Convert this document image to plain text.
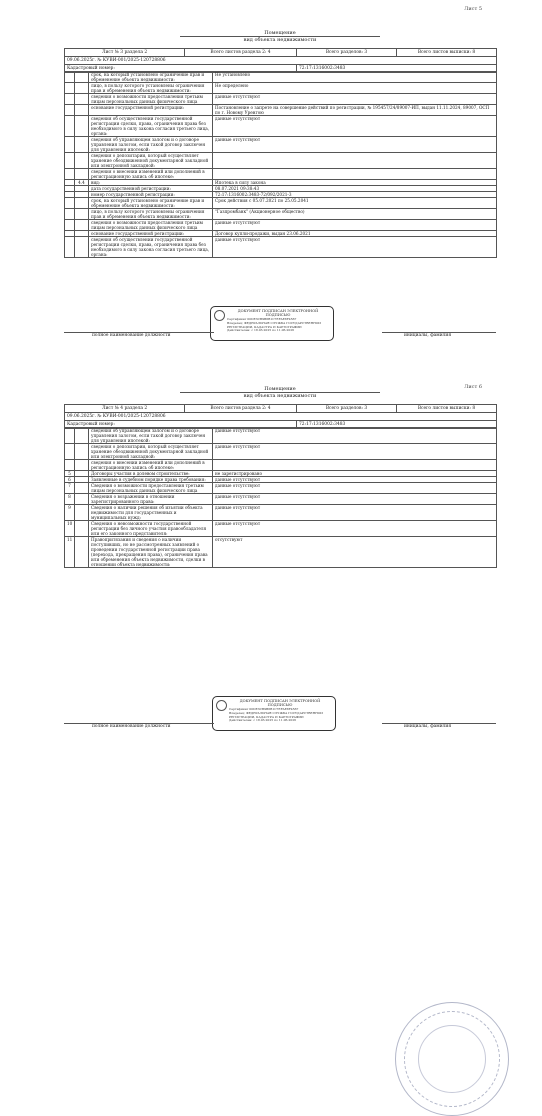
Лист 5
Помещение
вид объекта недвижимости
Лист № 3 раздела 2	Всего листов раздела 2: 4	Всего разделов: 3	Всего листов выписки: 8
09.06.2025г. № КУВИ-001/2025-120728806			
Кадастровый номер:		72:17:1316002:3483	
		срок, на который установлено ограничение прав и обременение объекта недвижимости:	Не установлено
		лицо, в пользу которого установлены ограничения прав и обременения объекта недвижимости:	Не определено
		сведения о возможности предоставления третьим лицам персональных данных физического лица	данные отсутствуют
		основание государственной регистрации:	Постановление о запрете на совершение действий по регистрации, № 195457/24/89007-ИП, выдан 11.11.2024, 89007, ОСП по г. Новому Уренгою
		сведения об осуществлении государственной регистрации сделки, права, ограничения права без необходимого в силу закона согласия третьего лица, органа:	данные отсутствуют
		сведения об управляющем залогом и о договоре управления залогом, если такой договор заключен для управления ипотекой:	данные отсутствуют
		сведения о депозитарии, который осуществляет хранение обездвиженной документарной закладной или электронной закладной:	
		сведения о внесении изменений или дополнений в регистрационную запись об ипотеке:	
	4.4	вид:	Ипотека в силу закона
		дата государственной регистрации:	08.07.2021 09:38:43
		номер государственной регистрации:	72:17:1316002:3483-72/092/2021-3
		срок, на который установлено ограничение прав и обременение объекта недвижимости:	Срок действия с 05.07.2021 по 25.05.2041
		лицо, в пользу которого установлены ограничения прав и обременения объекта недвижимости:	"Газпромбанк" (Акционерное общество)
		сведения о возможности предоставления третьим лицам персональных данных физического лица	данные отсутствуют
		основание государственной регистрации:	Договор купли-продажи, выдан 23.06.2021
		сведения об осуществлении государственной регистрации сделки, права, ограничения права без необходимого в силу закона согласия третьего лица, органа:	данные отсутствуют
ДОКУМЕНТ ПОДПИСАН ЭЛЕКТРОННОЙ ПОДПИСЬЮ
Сертификат 00DE3CB9B6B1C7EFAE8F4567
Владелец: ФЕДЕРАЛЬНАЯ СЛУЖБА ГОСУДАРСТВЕННОЙ
РЕГИСТРАЦИИ, КАДАСТРА И КАРТОГРАФИИ
Действителен: с 18.03.2025 по 11.06.2026
полное наименование должности	инициалы, фамилия
Лист 6
Помещение
вид объекта недвижимости
Лист № 4 раздела 2	Всего листов раздела 2: 4	Всего разделов: 3	Всего листов выписки: 8
09.06.2025г. № КУВИ-001/2025-120728806			
Кадастровый номер:		72:17:1316002:3483	
		сведения об управляющем залогом и о договоре управления залогом, если такой договор заключен для управления ипотекой:	данные отсутствуют
		сведения о депозитарии, который осуществляет хранение обездвиженной документарной закладной или электронной закладной:	данные отсутствуют
		сведения о внесении изменений или дополнений в регистрационную запись об ипотеке:	
5		Договоры участия в долевом строительстве:	не зарегистрировано
6		Заявленные в судебном порядке права требования:	данные отсутствуют
7		Сведения о возможности предоставления третьим лицам персональных данных физического лица	данные отсутствуют
8		Сведения о возражении в отношении зарегистрированного права:	данные отсутствуют
9		Сведения о наличии решения об изъятии объекта недвижимости для государственных и муниципальных нужд:	данные отсутствуют
10		Сведения о невозможности государственной регистрации без личного участия правообладателя или его законного представителя:	данные отсутствуют
11		Правопритязания и сведения о наличии поступивших, но не рассмотренных заявлений о проведении государственной регистрации права (перехода, прекращения права), ограничения права или обременения объекта недвижимости, сделки в отношении объекта недвижимости:	отсутствуют
ДОКУМЕНТ ПОДПИСАН ЭЛЕКТРОННОЙ ПОДПИСЬЮ
Сертификат 00DE3CB9B6B1C7EFAE8F4567
Владелец: ФЕДЕРАЛЬНАЯ СЛУЖБА ГОСУДАРСТВЕННОЙ
РЕГИСТРАЦИИ, КАДАСТРА И КАРТОГРАФИИ
Действителен: с 18.03.2025 по 11.06.2026
полное наименование должности	инициалы, фамилия
